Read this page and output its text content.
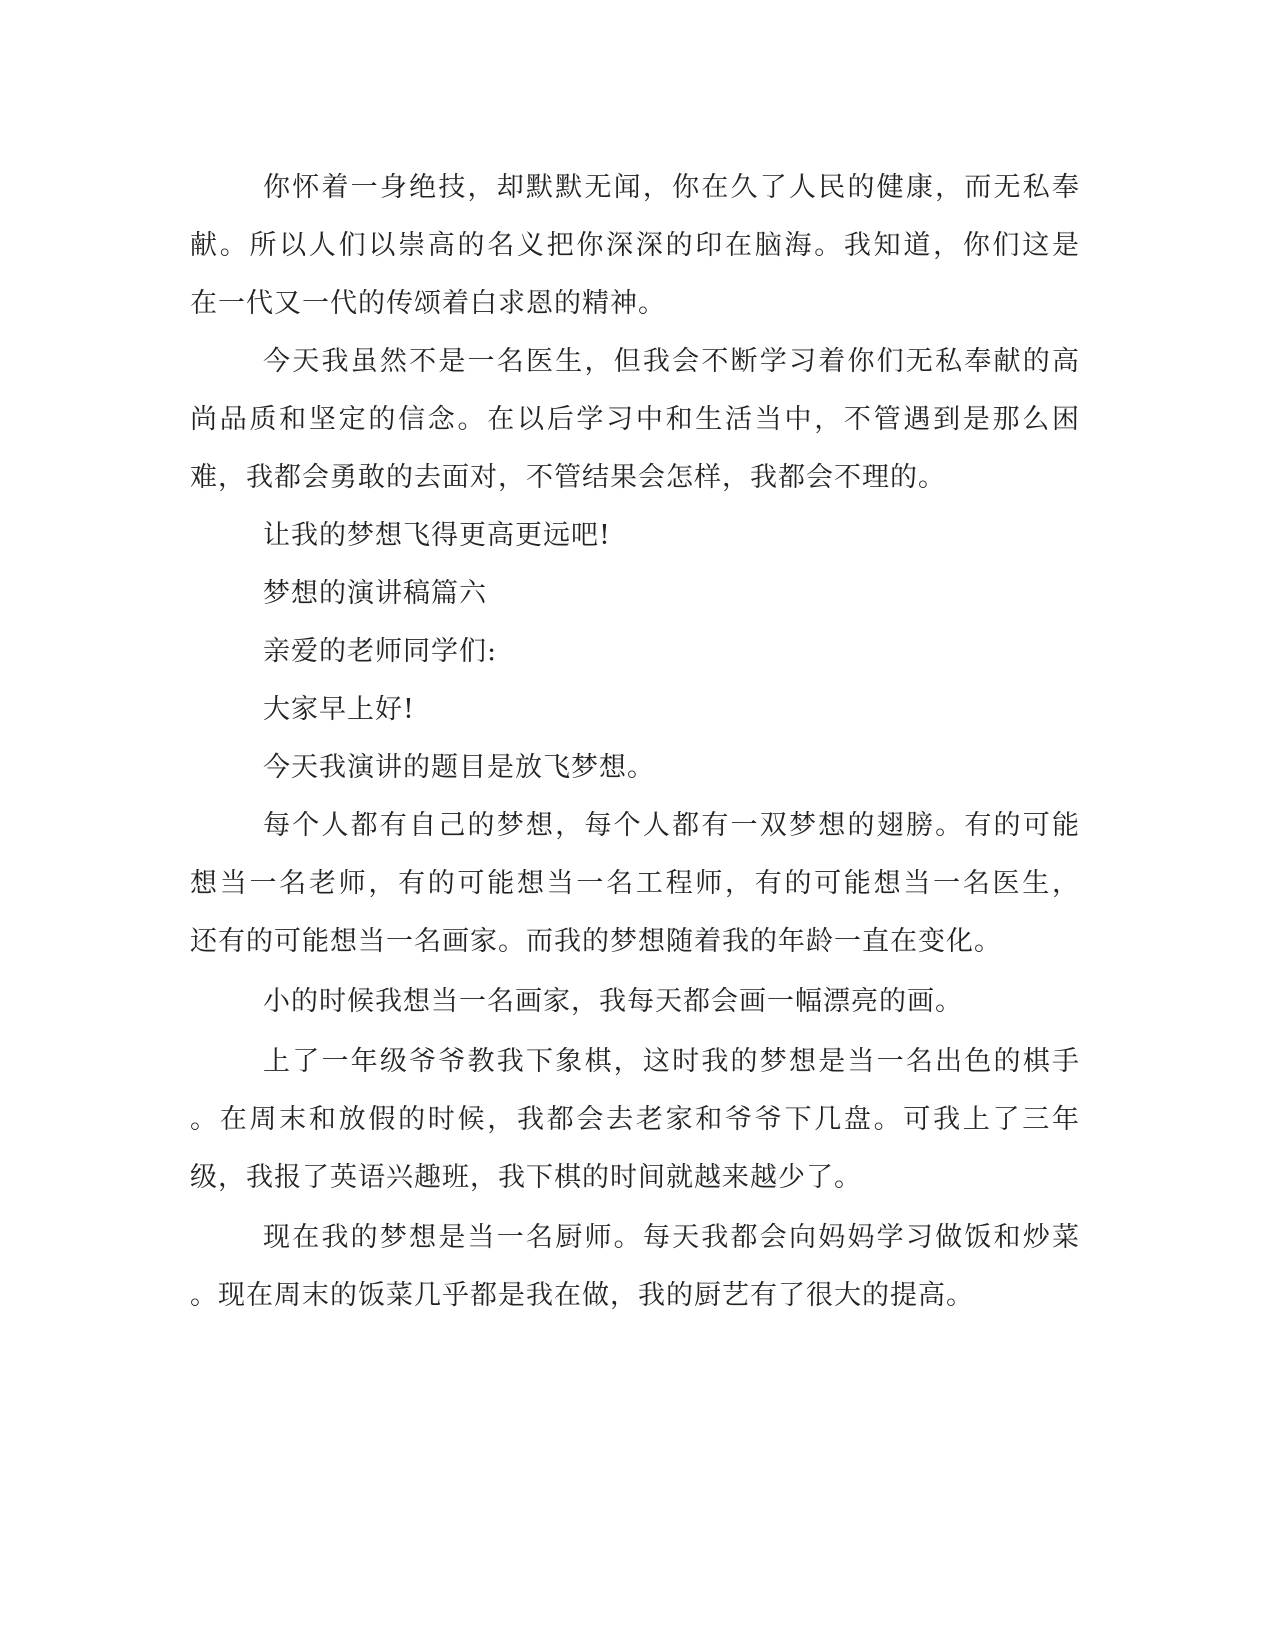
你怀着一身绝技，却默默无闻，你在久了人民的健康，而无私奉
献。所以人们以崇高的名义把你深深的印在脑海。我知道，你们这是
在一代又一代的传颂着白求恩的精神。
今天我虽然不是一名医生，但我会不断学习着你们无私奉献的高
尚品质和坚定的信念。在以后学习中和生活当中，不管遇到是那么困
难，我都会勇敢的去面对，不管结果会怎样，我都会不理的。
让我的梦想飞得更高更远吧!
梦想的演讲稿篇六
亲爱的老师同学们:
大家早上好!
今天我演讲的题目是放飞梦想。
每个人都有自己的梦想，每个人都有一双梦想的翅膀。有的可能
想当一名老师，有的可能想当一名工程师，有的可能想当一名医生，
还有的可能想当一名画家。而我的梦想随着我的年龄一直在变化。
小的时候我想当一名画家，我每天都会画一幅漂亮的画。
上了一年级爷爷教我下象棋，这时我的梦想是当一名出色的棋手
。在周末和放假的时候，我都会去老家和爷爷下几盘。可我上了三年
级，我报了英语兴趣班，我下棋的时间就越来越少了。
现在我的梦想是当一名厨师。每天我都会向妈妈学习做饭和炒菜
。现在周末的饭菜几乎都是我在做，我的厨艺有了很大的提高。
